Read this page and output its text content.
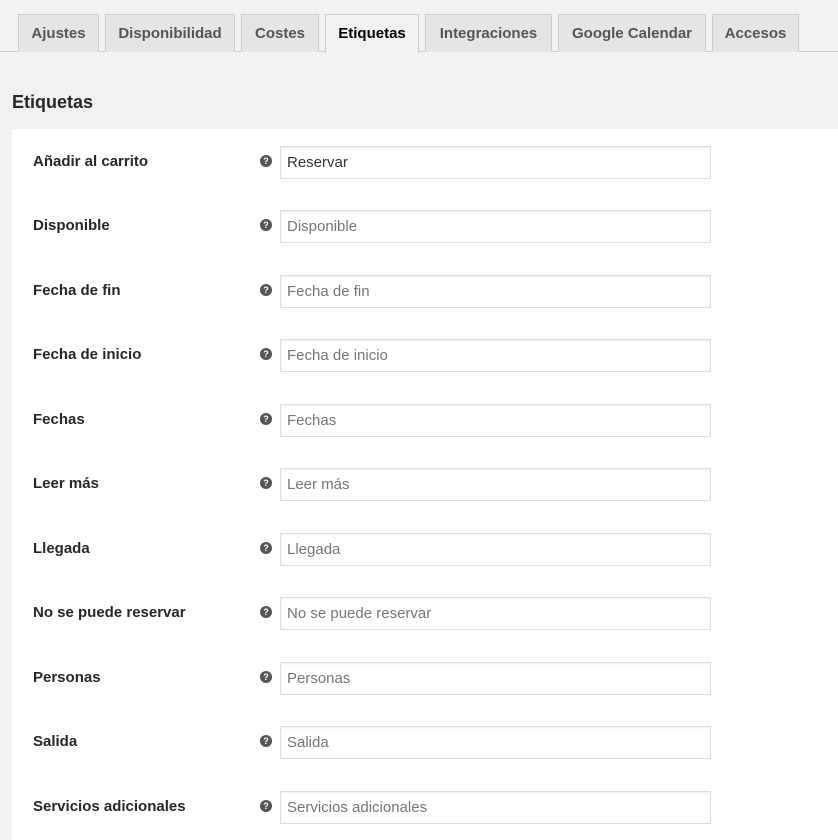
Ajustes	Disponibilidad	Costes	Etiquetas	Integraciones	Google Calendar	Accesos
Etiquetas
Añadir al carrito	?
Reservar
Disponible	?
Disponible
Fecha de fin	?
Fecha de fin
Fecha de inicio	?
Fecha de inicio
Fechas	?
Fechas
Leer más	?
Leer más
Llegada	?
Llegada
No se puede reservar	?
No se puede reservar
Personas	?
Personas
Salida	?
Salida
Servicios adicionales	?
Servicios adicionales
